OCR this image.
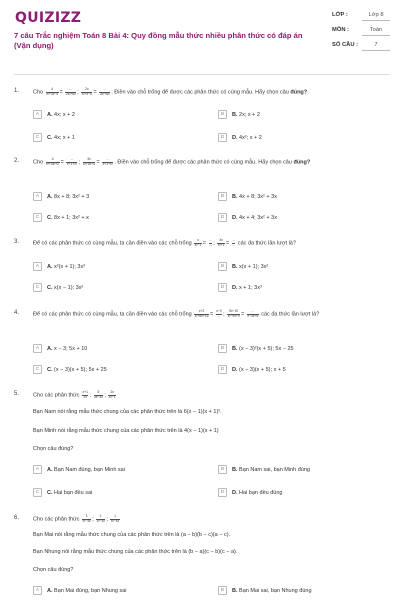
QUIZIZZ
7 câu Trắc nghiệm Toán 8 Bài 4: Quy đồng mẫu thức nhiều phân thức có đáp án (Vận dụng)
LỚP :	Lớp 8
MÔN :	Toán
SỐ CÂU :	7
1.	Cho $\frac{4}{\text{x²+3x−4}} = \frac{...}{\text{2x²+6x}}$ ; $\frac{2x}{\text{x²+x−6}} = \frac{...}{\text{2x²+6x}}$ . Điền vào chỗ trống để được các phân thức có cùng mẫu. Hãy chọn câu đúng?
A	A. 4x; x + 2	B	B. 2x; x + 2
C	C. 4x; x + 1	D	D. 4x²; x + 2
2.	Cho $\frac{4}{\text{x³+3x²+2}} = \frac{...}{\text{x+1+x²}}$ ; $\frac{3x}{\text{x²+4x+4}} = \frac{...}{\text{x+1+x²}}$ . Điền vào chỗ trống để được các phân thức có cùng mẫu. Hãy chọn câu đúng?
A	A. 8x + 8; 3x² + 3	B	B. 4x + 8; 3x² + 3x
C	C. 8x + 1; 3x² + x	D	D. 4x + 4; 3x² + 3x
3.	Để có các phân thức có cùng mẫu, ta cần điền vào các chỗ trống $\frac{x}{\text{x²−1}} = \frac{...}{...}$ ; $\frac{3x}{\text{x²+1}} = \frac{...}{...}$ các đa thức lần lượt là?
A	A. x²(x + 1); 3x³	B	B. x(x + 1); 3x²
C	C. x(x − 1); 3x²	D	D. x + 1; 3x³
4.	Để có các phân thức có cùng mẫu, ta cần điền vào các chỗ trống $\frac{x+2}{\text{x²+8x+15}} = \frac{x-3}{...}$ ; $\frac{5x-10}{\text{x²−9x+9}} = \frac{...}{x-3x+5}$ các đa thức lần lượt là?
A	A. x − 3; 5x + 10	B	B. (x − 3)²(x + 5); 5x − 25
C	C. (x − 3)(x + 5); 5x + 25	D	D. (x − 3)(x + 5); x + 5
5.	Cho các phân thức $\frac{x+1}{2x}$ ; $\frac{5}{4x-3x}$ ; $\frac{2x}{\text{x²−1}}$
Bạn Nam nói rằng mẫu thức chung của các phân thức trên là 6(x − 1)(x + 1)².
Bạn Minh nói rằng mẫu thức chung của các phân thức trên là 4(x − 1)(x + 1)
Chọn câu đúng?
A	A. Bạn Nam đúng, bạn Minh sai	B	B. Bạn Nam sai, bạn Minh đúng
C	C. Hai bạn đều sai	D	D. Hai bạn đều đúng
6.	Cho các phân thức $\frac{1}{\text{x²−4x}}$ ; $\frac{1}{\text{x²−4x}}$ ; $\frac{1}{\text{x²−4x}}$
Bạn Mai nói rằng mẫu thức chung của các phân thức trên là (a − b)(b − c)(a − c).
Bạn Nhung nói rằng mẫu thức chung của các phân thức trên là (b − a)(c − b)(c − a).
Chọn câu đúng?
A	A. Bạn Mai đúng, bạn Nhung sai	B	B. Bạn Mai sai, bạn Nhung đúng
